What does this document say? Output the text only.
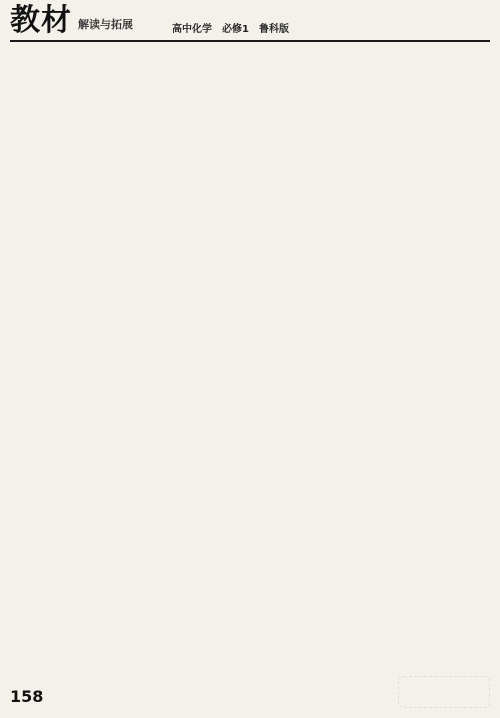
教材 解读与拓展	高中化学 必修1 鲁科版

158
